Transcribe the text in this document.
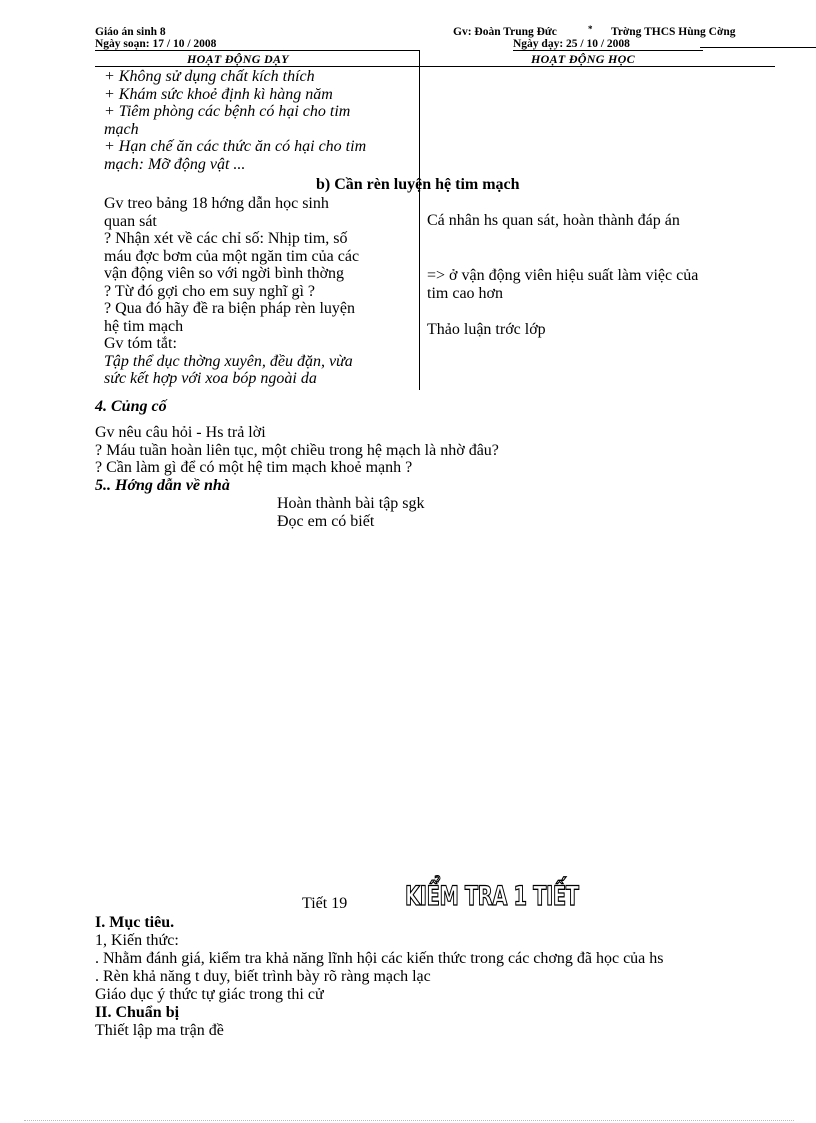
Giáo án sinh 8
Ngày soạn: 17 / 10 / 2008
Gv: Đoàn Trung Đức	* Trờng THCS Hùng Cờng
Ngày dạy: 25 / 10 / 2008
HOẠT ĐỘNG DẠY	HOẠT ĐỘNG HỌC
+ Không sử dụng chất kích thích
+ Khám sức khoẻ định kì hàng năm
+ Tiêm phòng các bệnh có hại cho tim
mạch
+ Hạn chế ăn các thức ăn có hại cho tim
mạch: Mỡ động vật ...
b) Cần rèn luyện hệ tim mạch
Gv treo bảng 18 hớng dẫn học sinh
quan sát
? Nhận xét về các chỉ số: Nhịp tim, số
máu đợc bơm của một ngăn tim của các
vận động viên so với ngời bình thờng
? Từ đó gợi cho em suy nghĩ gì ?
? Qua đó hãy đề ra biện pháp rèn luyện
hệ tim mạch
Gv tóm tắt:
Tập thể dục thờng xuyên, đều đặn, vừa
sức kết hợp với xoa bóp ngoài da
Cá nhân hs quan sát, hoàn thành đáp án
=> ở vận động viên hiệu suất làm việc của
tim cao hơn
Thảo luận trớc lớp
4. Củng cố
Gv nêu câu hỏi - Hs trả lời
? Máu tuần hoàn liên tục, một chiều trong hệ mạch là nhờ đâu?
? Cần làm gì để có một hệ tim mạch khoẻ mạnh ?
5.. Hớng dẫn về nhà
Hoàn thành bài tập sgk
Đọc em có biết
Tiết 19 KIỂM TRA 1 TIẾT
I. Mục tiêu.
1, Kiến thức:
. Nhằm đánh giá, kiểm tra khả năng lĩnh hội các kiến thức trong các chơng đã học của hs
. Rèn khả năng t duy, biết trình bày rõ ràng mạch lạc
Giáo dục ý thức tự giác trong thi cử
II. Chuẩn bị
Thiết lập ma trận đề
